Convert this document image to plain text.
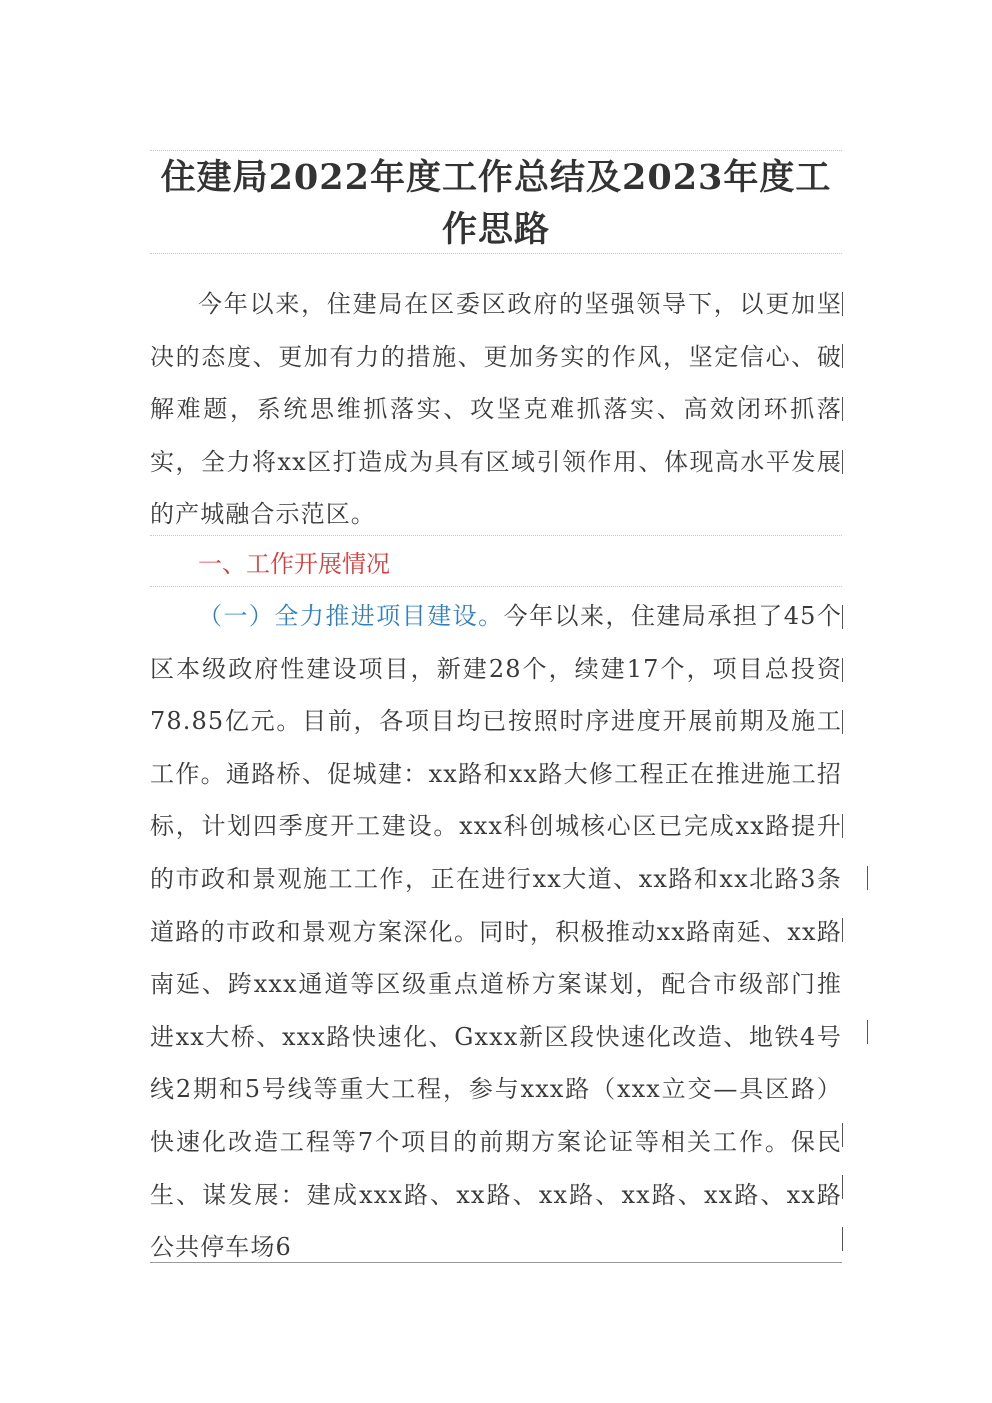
住建局2022年度工作总结及2023年度工作思路
今年以来，住建局在区委区政府的坚强领导下，以更加坚决的态度、更加有力的措施、更加务实的作风，坚定信心、破解难题，系统思维抓落实、攻坚克难抓落实、高效闭环抓落实，全力将xx区打造成为具有区域引领作用、体现高水平发展的产城融合示范区。
一、工作开展情况
（一）全力推进项目建设。今年以来，住建局承担了45个区本级政府性建设项目，新建28个，续建17个，项目总投资78.85亿元。目前，各项目均已按照时序进度开展前期及施工工作。通路桥、促城建：xx路和xx路大修工程正在推进施工招标，计划四季度开工建设。xxx科创城核心区已完成xx路提升的市政和景观施工工作，正在进行xx大道、xx路和xx北路3条道路的市政和景观方案深化。同时，积极推动xx路南延、xx路南延、跨xxx通道等区级重点道桥方案谋划，配合市级部门推进xx大桥、xxx路快速化、Gxxx新区段快速化改造、地铁4号线2期和5号线等重大工程，参与xxx路（xxx立交—具区路）快速化改造工程等7个项目的前期方案论证等相关工作。保民生、谋发展：建成xxx路、xx路、xx路、xx路、xx路、xx路公共停车场6
